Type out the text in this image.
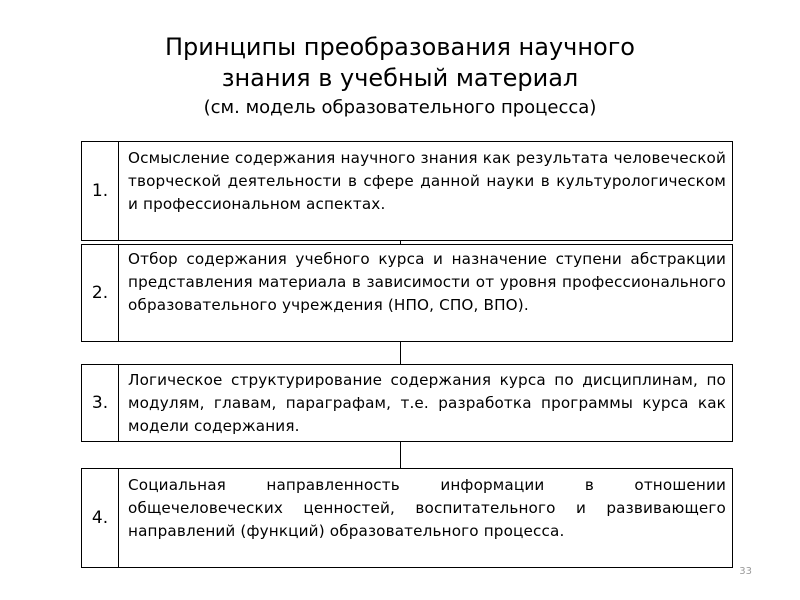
Принципы преобразования научного
знания в учебный материал
(см. модель образовательного процесса)
1.
Осмысление содержания научного знания как результата человеческой творческой деятельности в сфере данной науки в культурологическом и профессиональном аспектах.
2.
Отбор содержания учебного курса и назначение ступени абстракции представления материала в зависимости от уровня профессионального образовательного учреждения (НПО, СПО, ВПО).
3.
Логическое структурирование содержания курса по дисциплинам, по модулям, главам, параграфам, т.е. разработка программы курса как модели содержания.
4.
Социальная направленность информации в отношении общечеловеческих ценностей, воспитательного и развивающего направлений (функций) образовательного процесса.
33
